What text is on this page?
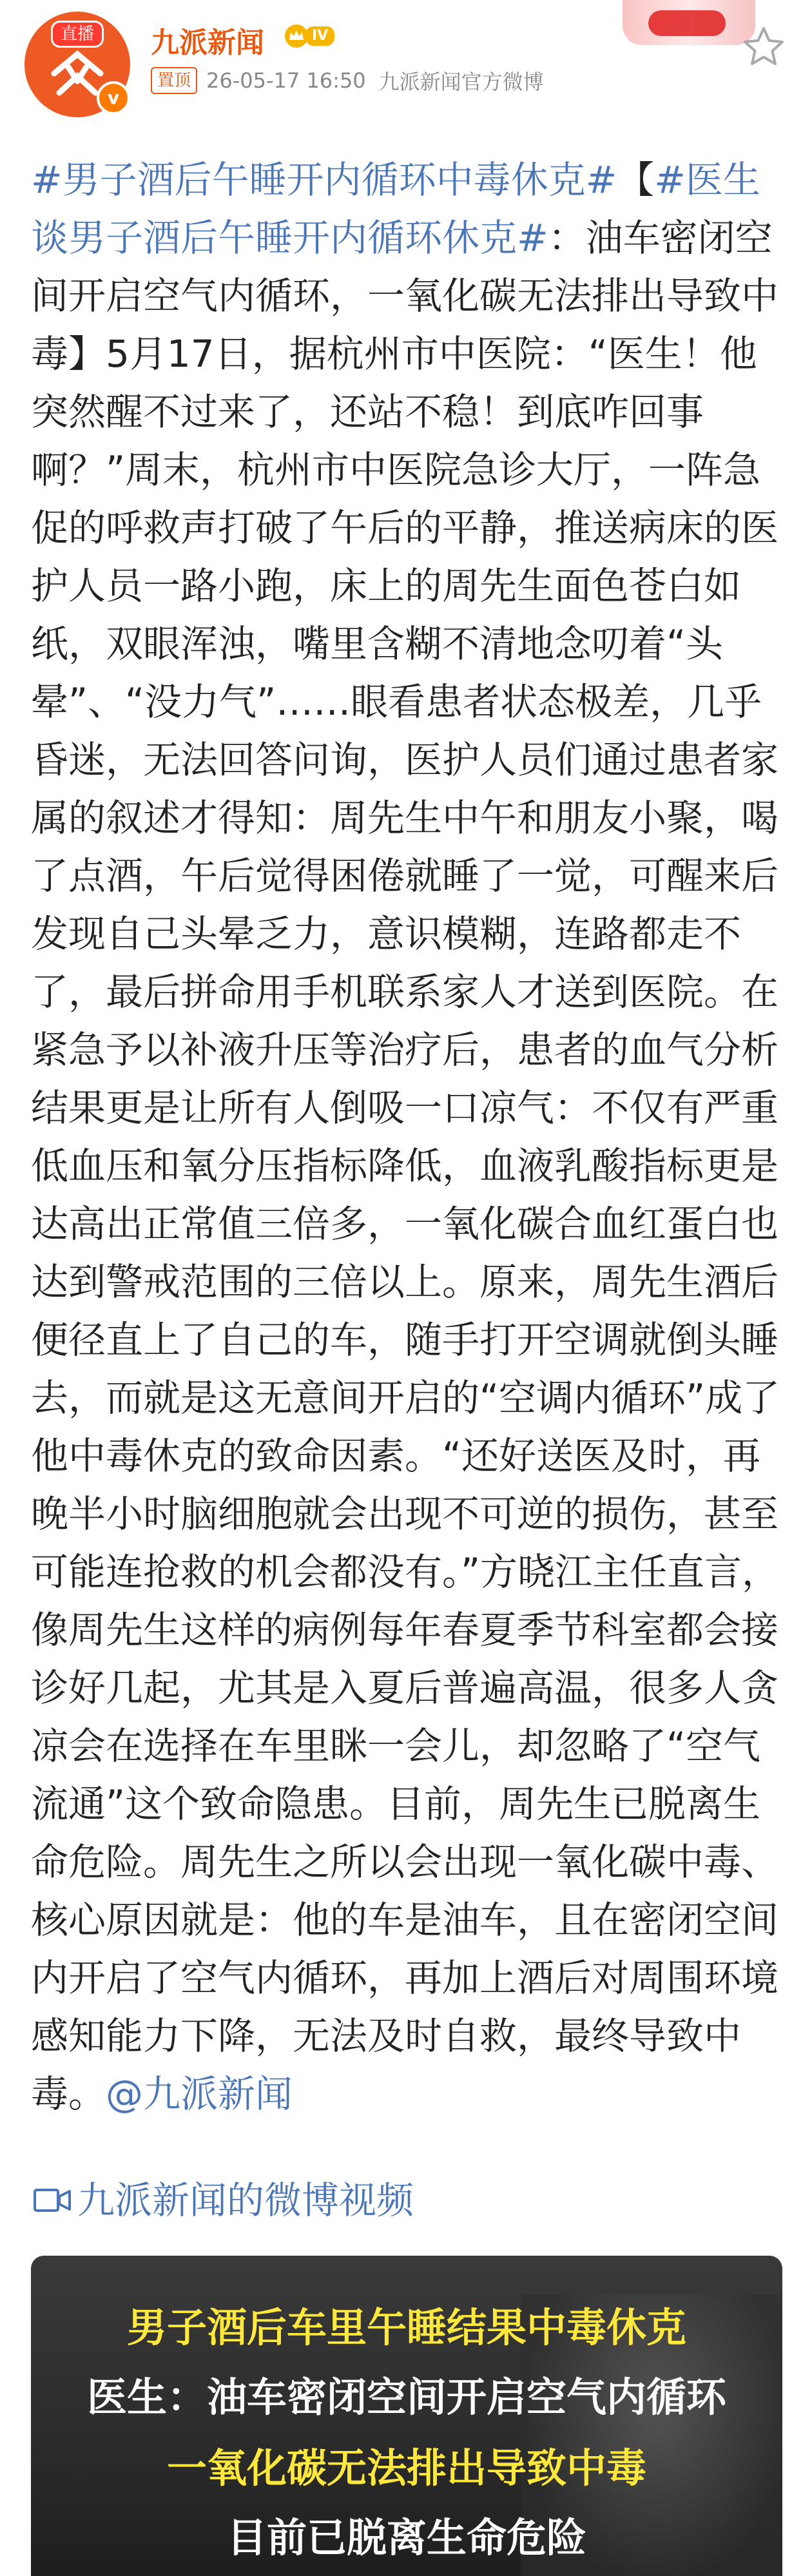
直播
v
九派新闻	IV
置顶 26-05-17 16:50 九派新闻官方微博
#男子酒后午睡开内循环中毒休克#【#医生谈男子酒后午睡开内循环休克#：油车密闭空间开启空气内循环，一氧化碳无法排出导致中毒】5月17日，据杭州市中医院：“医生！他突然醒不过来了，还站不稳！到底咋回事啊？”周末，杭州市中医院急诊大厅，一阵急促的呼救声打破了午后的平静，推送病床的医护人员一路小跑，床上的周先生面色苍白如纸，双眼浑浊，嘴里含糊不清地念叨着“头晕”、“没力气”……眼看患者状态极差，几乎昏迷，无法回答问询，医护人员们通过患者家属的叙述才得知：周先生中午和朋友小聚，喝了点酒，午后觉得困倦就睡了一觉，可醒来后发现自己头晕乏力，意识模糊，连路都走不了，最后拼命用手机联系家人才送到医院。在紧急予以补液升压等治疗后，患者的血气分析结果更是让所有人倒吸一口凉气：不仅有严重低血压和氧分压指标降低，血液乳酸指标更是达高出正常值三倍多，一氧化碳合血红蛋白也达到警戒范围的三倍以上。原来，周先生酒后便径直上了自己的车，随手打开空调就倒头睡去，而就是这无意间开启的“空调内循环”成了他中毒休克的致命因素。“还好送医及时，再晚半小时脑细胞就会出现不可逆的损伤，甚至可能连抢救的机会都没有。”方晓江主任直言，像周先生这样的病例每年春夏季节科室都会接诊好几起，尤其是入夏后普遍高温，很多人贪凉会在选择在车里眯一会儿，却忽略了“空气流通”这个致命隐患。目前，周先生已脱离生命危险。周先生之所以会出现一氧化碳中毒、核心原因就是：他的车是油车，且在密闭空间内开启了空气内循环，再加上酒后对周围环境感知能力下降，无法及时自救，最终导致中毒。@九派新闻
九派新闻的微博视频
男子酒后车里午睡结果中毒休克
医生：油车密闭空间开启空气内循环
一氧化碳无法排出导致中毒
目前已脱离生命危险
